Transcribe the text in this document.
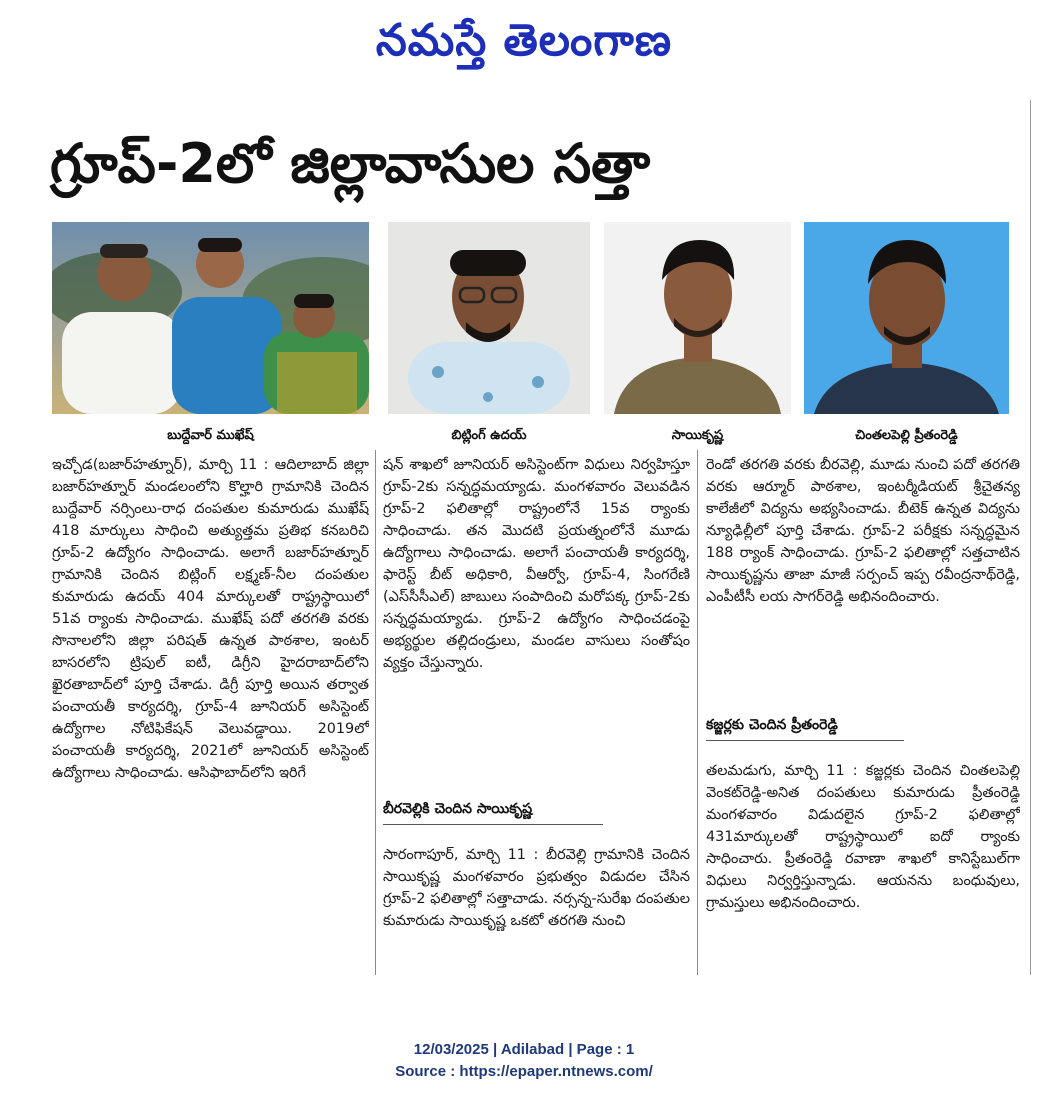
నమస్తే తెలంగాణ
గ్రూప్-2లో జిల్లావాసుల సత్తా
బుద్దేవార్ ముఖేష్	బిట్లింగ్ ఉదయ్	సాయికృష్ణ	చింతలపెల్లి ప్రీతంరెడ్డి

ఇచ్చోడ(బజార్‌హత్నూర్), మార్చి 11 : ఆదిలాబాద్ జిల్లా బజార్‌హత్నూర్ మండలంలోని కొల్హారి గ్రామానికి చెందిన బుద్దేవార్ నర్సింలు-రాధ దంపతుల కుమారుడు ముఖేష్ 418 మార్కులు సాధించి అత్యుత్తమ ప్రతిభ కనబరిచి గ్రూప్-2 ఉద్యోగం సాధించాడు. అలాగే బజార్‌హత్నూర్ గ్రామానికి చెందిన బిట్లింగ్ లక్ష్మణ్-నీల దంపతుల కుమారుడు ఉదయ్ 404 మార్కులతో రాష్ట్రస్థాయిలో 51వ ర్యాంకు సాధించాడు. ముఖేష్ పదో తరగతి వరకు సొనాలలోని జిల్లా పరిషత్ ఉన్నత పాఠశాల, ఇంటర్ బాసరలోని ట్రిపుల్ ఐటీ, డిగ్రీని హైదరాబాద్‌లోని ఖైరతాబాద్‌లో పూర్తి చేశాడు. డిగ్రీ పూర్తి అయిన తర్వాత పంచాయతీ కార్యదర్శి, గ్రూప్-4 జూనియర్ అసిస్టెంట్ ఉద్యోగాల నోటిఫికేషన్ వెలువడ్డాయి. 2019లో పంచాయతీ కార్యదర్శి, 2021లో జూనియర్ అసిస్టెంట్ ఉద్యోగాలు సాధించాడు. ఆసిఫాబాద్‌లోని ఇరిగే

షన్ శాఖలో జూనియర్ అసిస్టెంట్‌గా విధులు నిర్వహిస్తూ గ్రూప్-2కు సన్నద్ధమయ్యాడు. మంగళవారం వెలువడిన గ్రూప్-2 ఫలితాల్లో రాష్ట్రంలోనే 15వ ర్యాంకు సాధించాడు. తన మొదటి ప్రయత్నంలోనే మూడు ఉద్యోగాలు సాధించాడు. అలాగే పంచాయతీ కార్యదర్శి, ఫారెస్ట్ బీట్ అధికారి, వీఆర్వో, గ్రూప్-4, సింగరేణి (ఎస్‌సీసీఎల్) జాబులు సంపాదించి మరోపక్క గ్రూప్-2కు సన్నద్ధమయ్యాడు. గ్రూప్-2 ఉద్యోగం సాధించడంపై అభ్యర్థుల తల్లిదండ్రులు, మండల వాసులు సంతోషం వ్యక్తం చేస్తున్నారు.

బీరవెల్లికి చెందిన సాయికృష్ణ

సారంగాపూర్, మార్చి 11 : బీరవెల్లి గ్రామానికి చెందిన సాయికృష్ణ మంగళవారం ప్రభుత్వం విడుదల చేసిన గ్రూప్-2 ఫలితాల్లో సత్తాచాడు. నర్సన్న-సురేఖ దంపతుల కుమారుడు సాయికృష్ణ ఒకటో తరగతి నుంచి

రెండో తరగతి వరకు బీరవెల్లి, మూడు నుంచి పదో తరగతి వరకు ఆర్మూర్ పాఠశాల, ఇంటర్మీడియట్ శ్రీచైతన్య కాలేజీలో విద్యను అభ్యసించాడు. బీటెక్ ఉన్నత విద్యను న్యూఢిల్లీలో పూర్తి చేశాడు. గ్రూప్-2 పరీక్షకు సన్నద్ధమైన 188 ర్యాంక్ సాధించాడు. గ్రూప్-2 ఫలితాల్లో సత్తచాటిన సాయికృష్ణను తాజా మాజీ సర్పంచ్ ఇప్ప రవీంద్రనాథ్‌రెడ్డి, ఎంపీటీసీ లయ సాగర్‌రెడ్డి అభినందించారు.

కజ్జర్లకు చెందిన ప్రీతంరెడ్డి

తలమడుగు, మార్చి 11 : కజ్జర్లకు చెందిన చింతలపెల్లి వెంకట్‌రెడ్డి-అనిత దంపతులు కుమారుడు ప్రీతంరెడ్డి మంగళవారం విడుదలైన గ్రూప్-2 ఫలితాల్లో 431మార్కులతో రాష్ట్రస్థాయిలో ఐదో ర్యాంకు సాధించారు. ప్రీతంరెడ్డి రవాణా శాఖలో కానిస్టేబుల్‌గా విధులు నిర్వర్తిస్తున్నాడు. ఆయనను బంధువులు, గ్రామస్తులు అభినందించారు.

12/03/2025 | Adilabad | Page : 1
Source : https://epaper.ntnews.com/
